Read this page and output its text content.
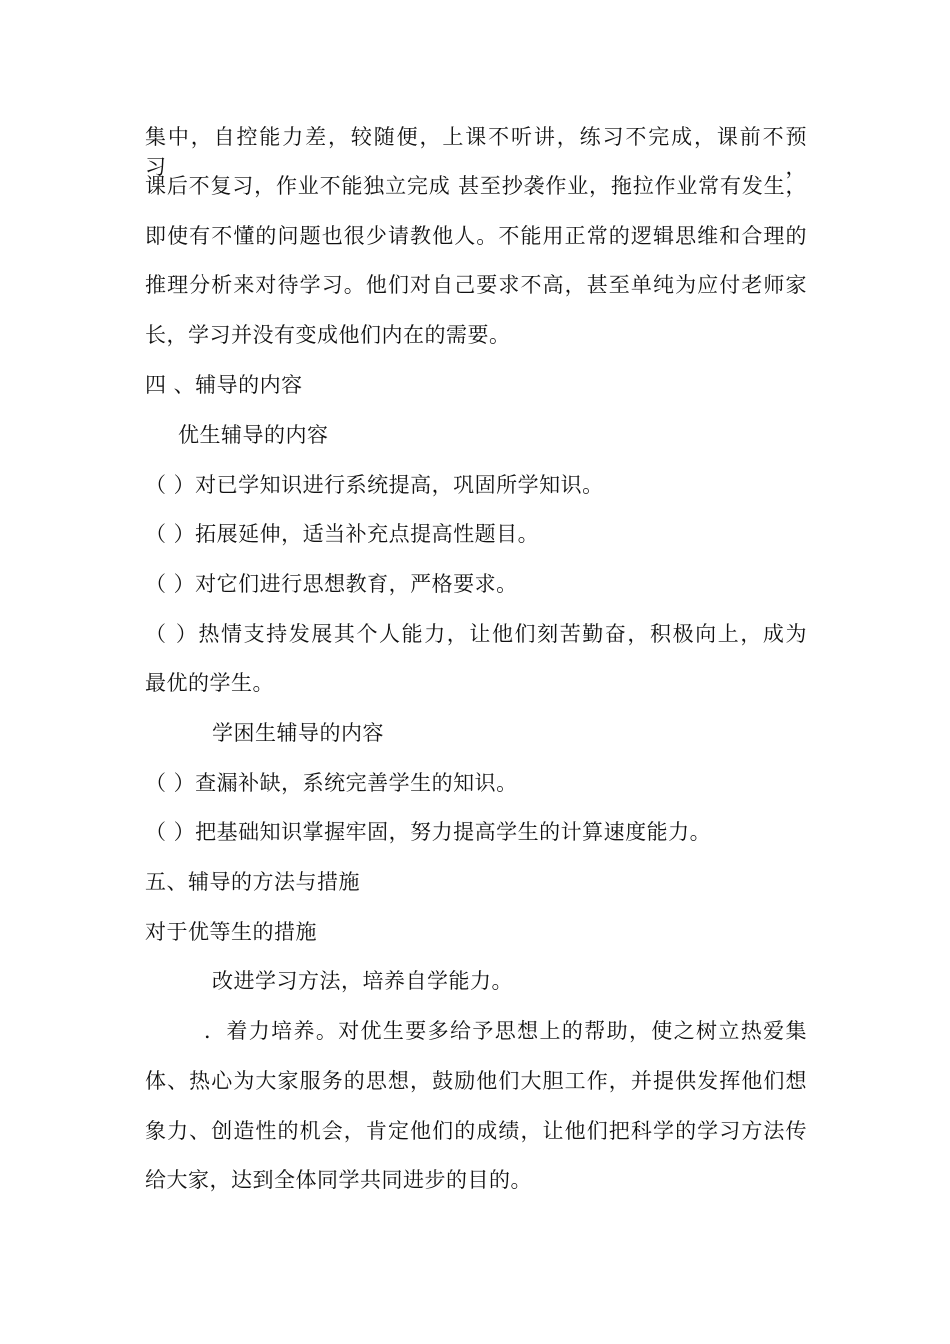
集中，自控能力差，较随便，上课不听讲，练习不完成，课前不预习，
课后不复习，作业不能独立完成 甚至抄袭作业，拖拉作业常有发生，
即使有不懂的问题也很少请教他人。不能用正常的逻辑思维和合理的
推理分析来对待学习。他们对自己要求不高，甚至单纯为应付老师家
长，学习并没有变成他们内在的需要。
四 、辅导的内容
优生辅导的内容
（ ）对已学知识进行系统提高，巩固所学知识。
（ ）拓展延伸，适当补充点提高性题目。
（ ）对它们进行思想教育，严格要求。
（ ）热情支持发展其个人能力，让他们刻苦勤奋，积极向上，成为
最优的学生。
学困生辅导的内容
（ ）查漏补缺，系统完善学生的知识。
（ ）把基础知识掌握牢固，努力提高学生的计算速度能力。
五、辅导的方法与措施
对于优等生的措施
改进学习方法，培养自学能力。
．着力培养。对优生要多给予思想上的帮助，使之树立热爱集
体、热心为大家服务的思想，鼓励他们大胆工作，并提供发挥他们想
象力、创造性的机会，肯定他们的成绩，让他们把科学的学习方法传
给大家，达到全体同学共同进步的目的。
